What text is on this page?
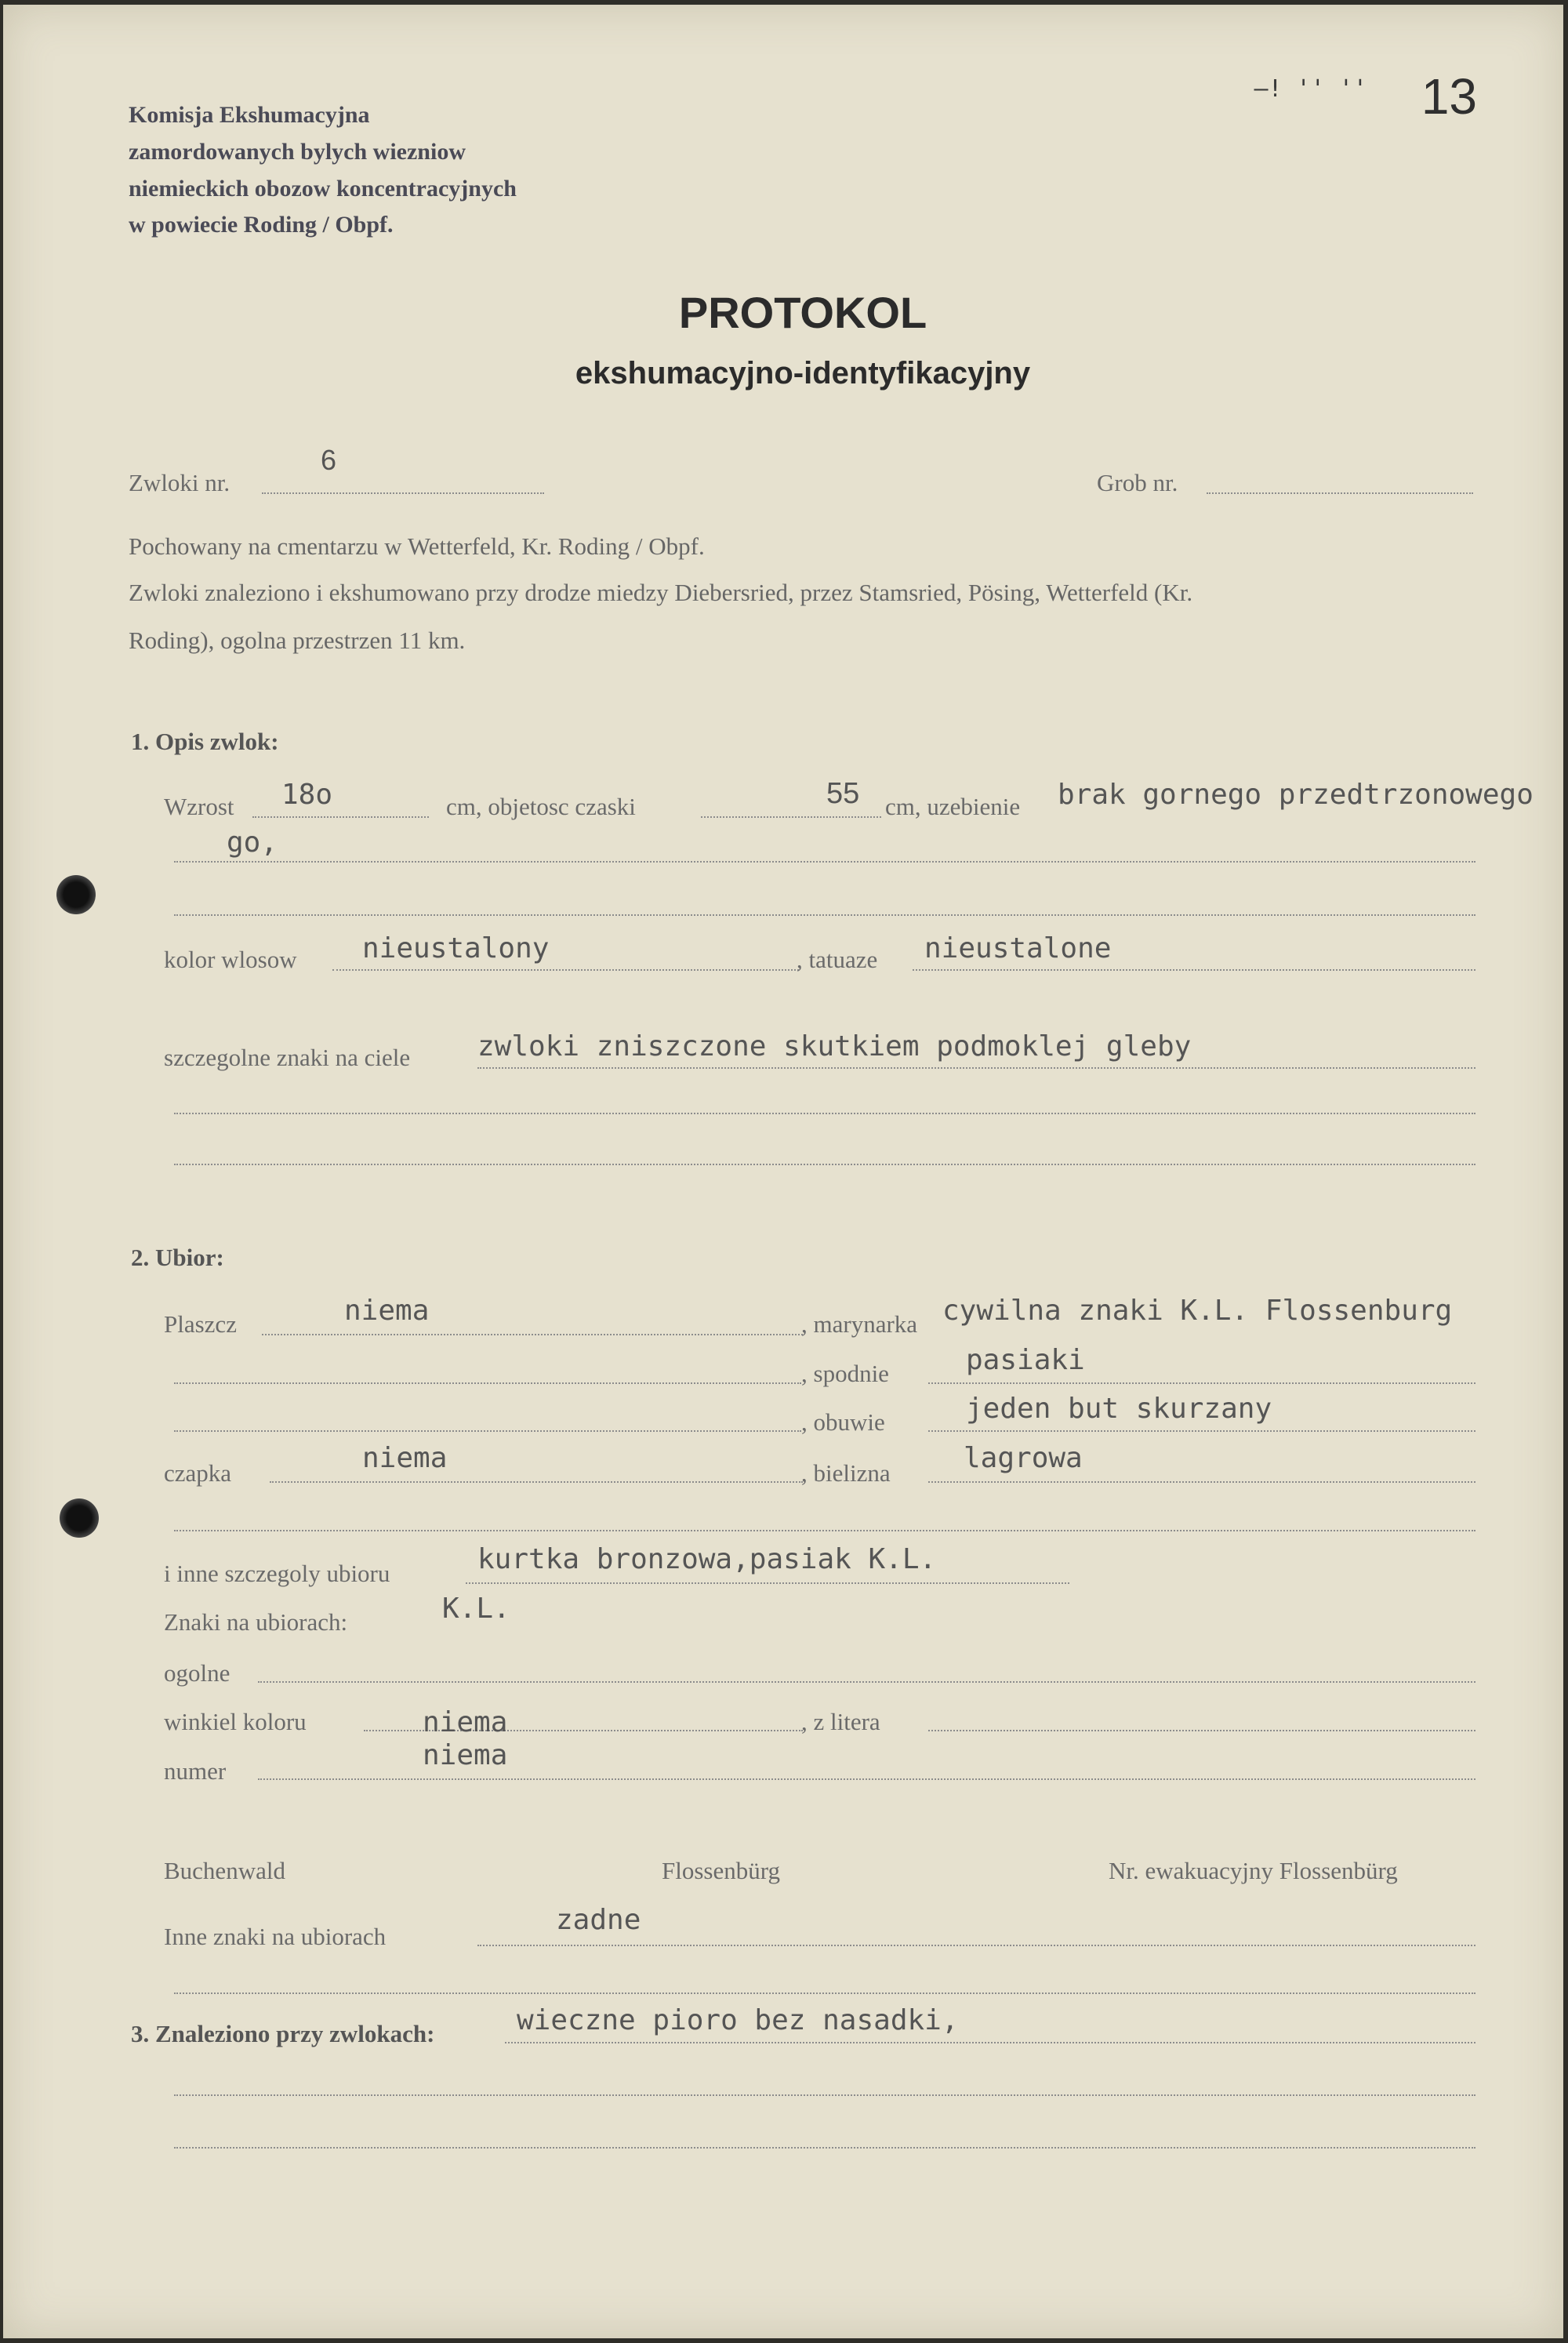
Komisja Ekshumacyjna
zamordowanych bylych wiezniow
niemieckich obozow koncentracyjnych
w powiecie Roding / Obpf.
—! '' '' 13
PROTOKOL
ekshumacyjno-identyfikacyjny
Zwloki nr.
6
Grob nr.
Pochowany na cmentarzu w Wetterfeld, Kr. Roding / Obpf.
Zwloki znaleziono i ekshumowano przy drodze miedzy Diebersried, przez Stamsried, Pösing, Wetterfeld (Kr.
Roding), ogolna przestrzen 11 km.
1. Opis zwlok:
Wzrost 18o	cm, objetosc czaski	55 cm, uzebienie brak gornego przedtrzonowego
go,
kolor wlosow nieustalony	, tatuaze nieustalone
szczegolne znaki na ciele zwloki zniszczone skutkiem podmoklej gleby
2. Ubior:
Plaszcz	niema	, marynarka cywilna znaki K.L. Flossenburg
, spodnie	pasiaki
, obuwie	jeden but skurzany
czapka	niema	, bielizna	lagrowa
i inne szczegoly ubioru	kurtka bronzowa,pasiak K.L.
Znaki na ubiorach:	K.L.
ogolne
winkiel koloru	niema	, z litera
numer	niema
Buchenwald	Flossenbürg	Nr. ewakuacyjny Flossenbürg
Inne znaki na ubiorach
zadne
3. Znaleziono przy zwlokach:	wieczne pioro bez nasadki,
